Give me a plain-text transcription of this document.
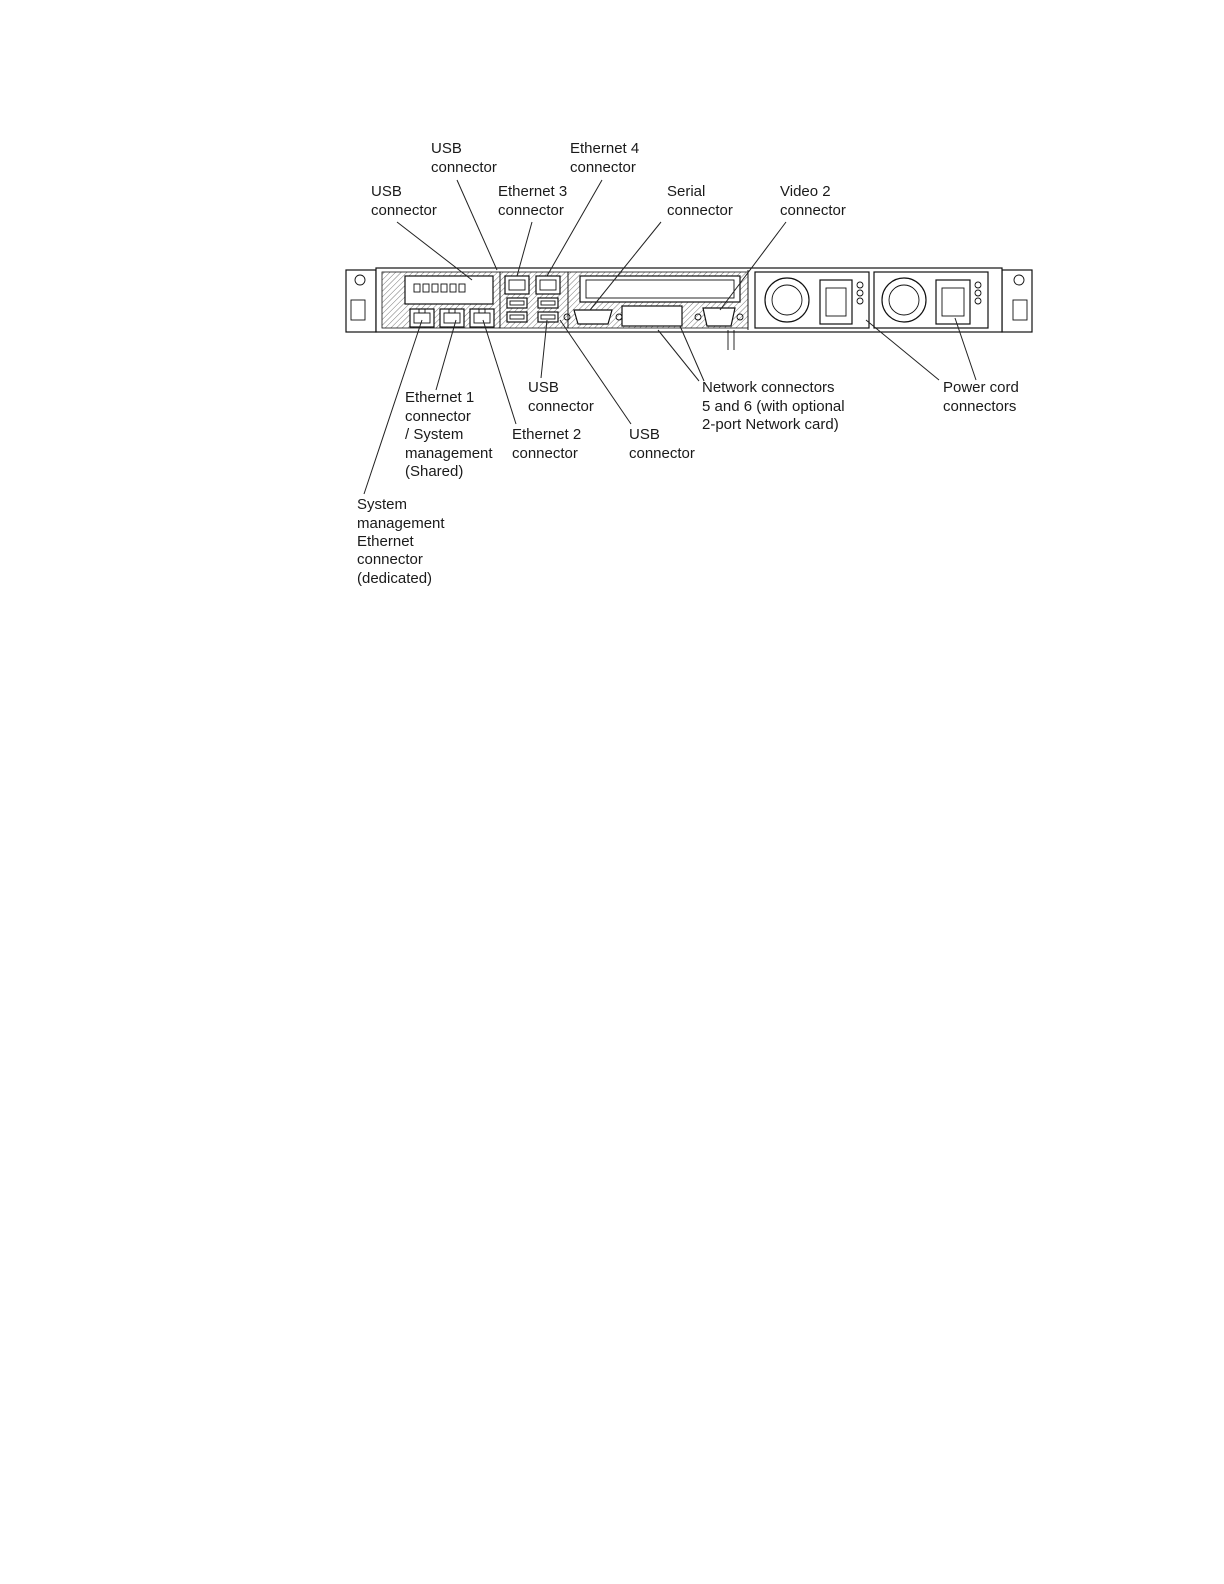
USB
connector
USB
connector
Ethernet 3
connector
Ethernet 4
connector
Serial
connector
Video 2
connector
Ethernet 1
connector
/ System
management
(Shared)
Ethernet 2
connector
USB
connector
USB
connector
Network connectors
5 and 6 (with optional
2-port Network card)
Power cord
connectors
System
management
Ethernet
connector
(dedicated)
